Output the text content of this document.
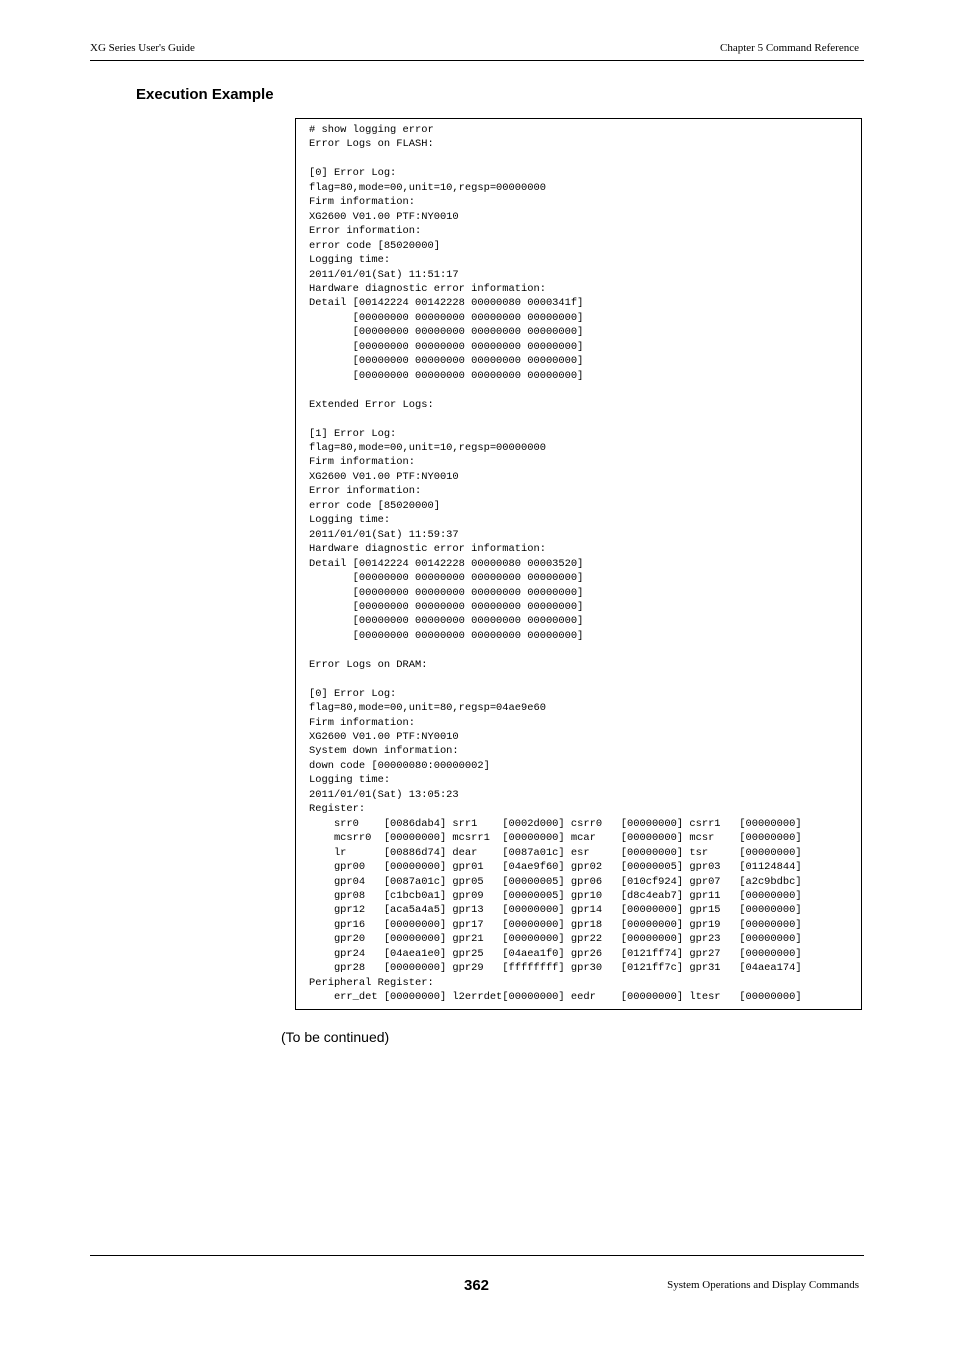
XG Series User's Guide	Chapter 5 Command Reference
Execution Example
# show logging error
Error Logs on FLASH:

[0] Error Log:
flag=80,mode=00,unit=10,regsp=00000000
Firm information:
XG2600 V01.00 PTF:NY0010
Error information:
error code [85020000]
Logging time:
2011/01/01(Sat) 11:51:17
Hardware diagnostic error information:
Detail [00142224 00142228 00000080 0000341f]
[00000000 00000000 00000000 00000000]
[00000000 00000000 00000000 00000000]
[00000000 00000000 00000000 00000000]
[00000000 00000000 00000000 00000000]
[00000000 00000000 00000000 00000000]

Extended Error Logs:

[1] Error Log:
flag=80,mode=00,unit=10,regsp=00000000
Firm information:
XG2600 V01.00 PTF:NY0010
Error information:
error code [85020000]
Logging time:
2011/01/01(Sat) 11:59:37
Hardware diagnostic error information:
Detail [00142224 00142228 00000080 00003520]
[00000000 00000000 00000000 00000000]
[00000000 00000000 00000000 00000000]
[00000000 00000000 00000000 00000000]
[00000000 00000000 00000000 00000000]
[00000000 00000000 00000000 00000000]

Error Logs on DRAM:

[0] Error Log:
flag=80,mode=00,unit=80,regsp=04ae9e60
Firm information:
XG2600 V01.00 PTF:NY0010
System down information:
down code [00000080:00000002]
Logging time:
2011/01/01(Sat) 13:05:23
Register:
srr0    [0086dab4] srr1    [0002d000] csrr0   [00000000] csrr1   [00000000]
mcsrr0  [00000000] mcsrr1  [00000000] mcar    [00000000] mcsr    [00000000]
lr      [00886d74] dear    [0087a01c] esr     [00000000] tsr     [00000000]
gpr00   [00000000] gpr01   [04ae9f60] gpr02   [00000005] gpr03   [01124844]
gpr04   [0087a01c] gpr05   [00000005] gpr06   [010cf924] gpr07   [a2c9bdbc]
gpr08   [c1bcb0a1] gpr09   [00000005] gpr10   [d8c4eab7] gpr11   [00000000]
gpr12   [aca5a4a5] gpr13   [00000000] gpr14   [00000000] gpr15   [00000000]
gpr16   [00000000] gpr17   [00000000] gpr18   [00000000] gpr19   [00000000]
gpr20   [00000000] gpr21   [00000000] gpr22   [00000000] gpr23   [00000000]
gpr24   [04aea1e0] gpr25   [04aea1f0] gpr26   [0121ff74] gpr27   [00000000]
gpr28   [00000000] gpr29   [ffffffff] gpr30   [0121ff7c] gpr31   [04aea174]
Peripheral Register:
err_det [00000000] l2errdet[00000000] eedr    [00000000] ltesr   [00000000]
(To be continued)
362	System Operations and Display Commands
